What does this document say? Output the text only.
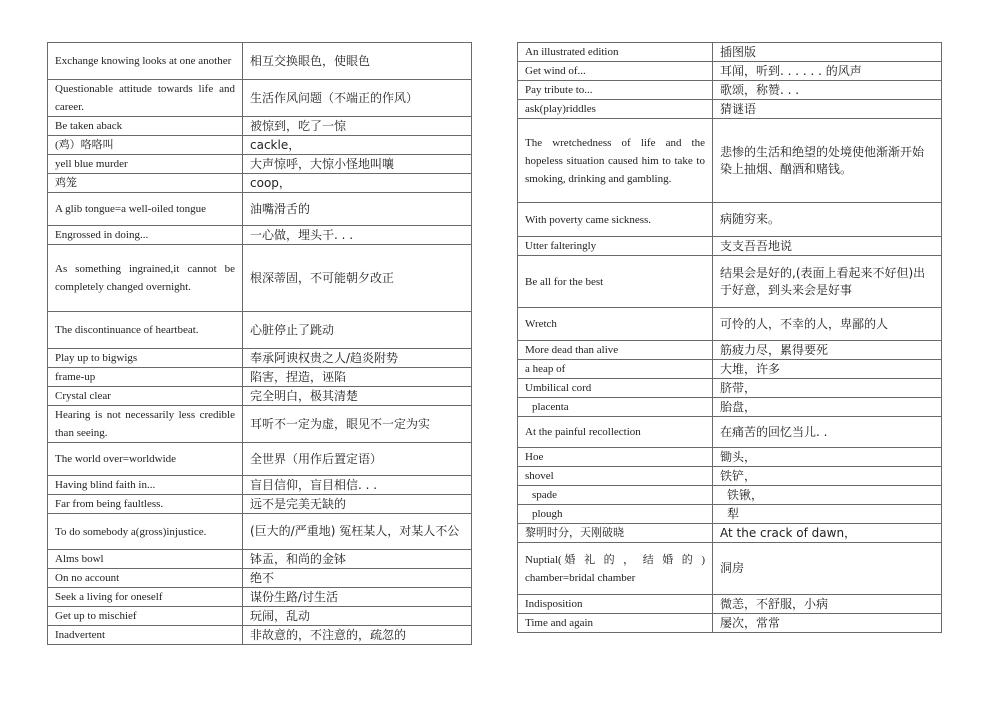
Exchange knowing looks at one another	相互交换眼色，使眼色
Questionable attitude towards life and career.	生活作风问题（不端正的作风）
Be taken aback	被惊到，吃了一惊
(鸡）咯咯叫	cackle，
yell blue murder	大声惊呼，大惊小怪地叫嚷
鸡笼	coop，
A glib tongue=a well-oiled tongue	油嘴滑舌的
Engrossed in doing...	一心做，埋头干. . .
As something ingrained,it cannot be completely changed overnight.	根深蒂固，不可能朝夕改正
The discontinuance of heartbeat.	心脏停止了跳动
Play up to bigwigs	奉承阿谀权贵之人/趋炎附势
frame-up	陷害，捏造，诬陷
Crystal clear	完全明白，极其清楚
Hearing is not necessarily less credible than seeing.	耳听不一定为虚，眼见不一定为实
The world over=worldwide	全世界（用作后置定语）
Having blind faith in...	盲目信仰，盲目相信. . .
Far from being faultless.	远不是完美无缺的
To do somebody a(gross)injustice.	(巨大的/严重地) 冤枉某人，对某人不公
Alms bowl	钵盂，和尚的金钵
On no account	绝不
Seek a living for oneself	谋份生路/讨生活
Get up to mischief	玩闹，乱动
Inadvertent	非故意的，不注意的，疏忽的
An illustrated edition	插图版
Get wind of...	耳闻，听到. . . . . . 的风声
Pay tribute to...	歌颂，称赞. . .
ask(play)riddles	猜谜语
The wretchedness of life and the hopeless situation caused him to take to smoking, drinking and gambling.	悲惨的生活和绝望的处境使他渐渐开始染上抽烟、酗酒和赌钱。
With poverty came sickness.	病随穷来。
Utter falteringly	支支吾吾地说
Be all for the best	结果会是好的,(表面上看起来不好但)出于好意，到头来会是好事
Wretch	可怜的人，不幸的人，卑鄙的人
More dead than alive	筋疲力尽，累得要死
a heap of	大堆，许多
Umbilical cord	脐带，
placenta	胎盘，
At the painful recollection	在痛苦的回忆当儿. .
Hoe	锄头，
shovel	铁铲，
spade	铁锹，
plough	犁
黎明时分，天刚破晓	At the crack of dawn，
Nuptial(婚 礼 的 ， 结 婚 的 ) chamber=bridal chamber	洞房
Indisposition	微恙，不舒服，小病
Time and again	屡次，常常
